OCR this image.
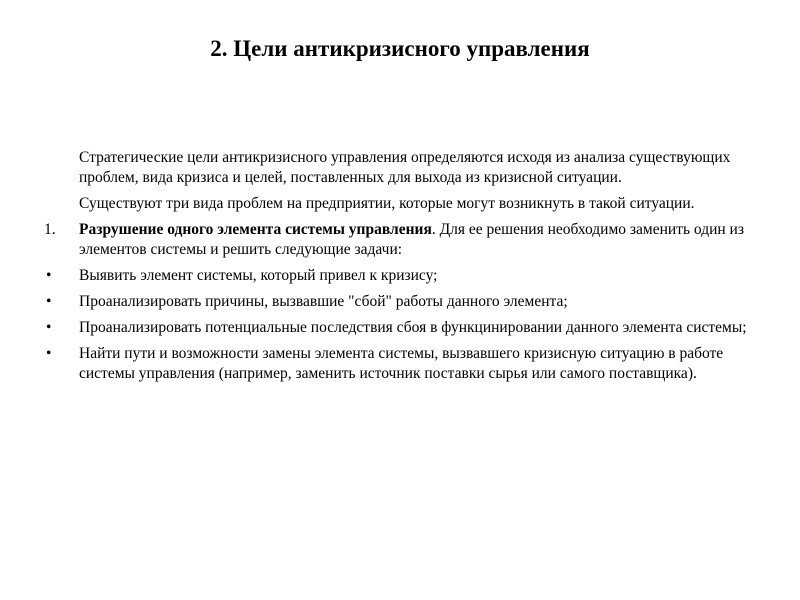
2. Цели антикризисного управления

Стратегические цели антикризисного управления определяются исходя из анализа существующих проблем, вида кризиса и целей, поставленных для выхода из кризисной ситуации.

Существуют три вида проблем на предприятии, которые могут возникнуть в такой ситуации.

1. Разрушение одного элемента системы управления. Для ее решения необходимо заменить один из элементов системы и решить следующие задачи:
• Выявить элемент системы, который привел к кризису;
• Проанализировать причины, вызвавшие "сбой" работы данного элемента;
• Проанализировать потенциальные последствия сбоя в функцинировании данного элемента системы;
• Найти пути и возможности замены элемента системы, вызвавшего кризисную ситуацию в работе системы управления (например, заменить источник поставки сырья или самого поставщика).
